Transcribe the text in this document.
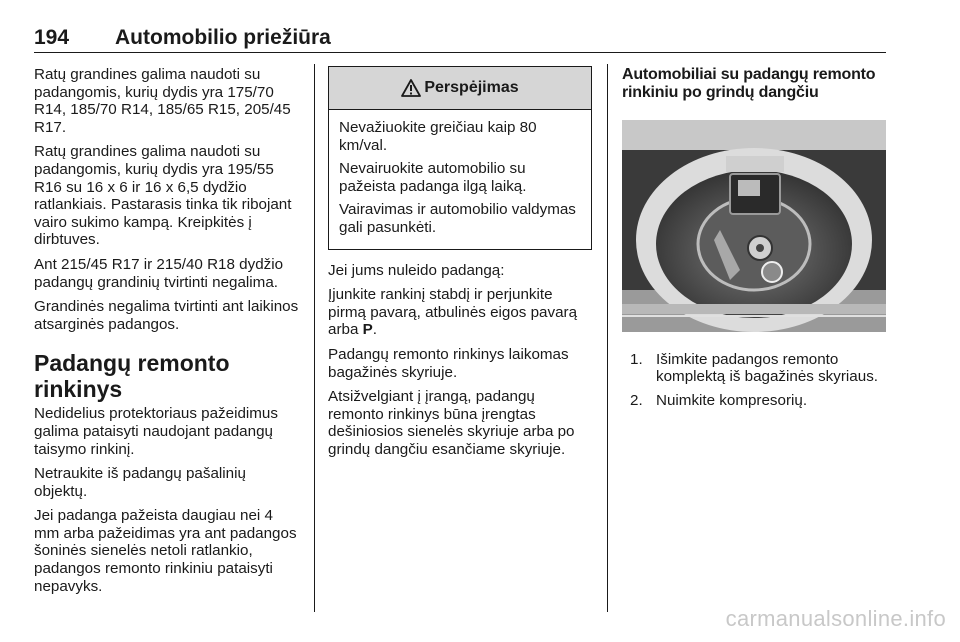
194 Automobilio priežiūra

Ratų grandines galima naudoti su padangomis, kurių dydis yra 175/70 R14, 185/70 R14, 185/65 R15, 205/45 R17.

Ratų grandines galima naudoti su padangomis, kurių dydis yra 195/55 R16 su 16 x 6 ir 16 x 6,5 dydžio ratlankiais. Pastarasis tinka tik ribojant vairo sukimo kampą. Kreipkitės į dirbtuves.

Ant 215/45 R17 ir 215/40 R18 dydžio padangų grandinių tvirtinti negalima.

Grandinės negalima tvirtinti ant laikinos atsarginės padangos.

Padangų remonto rinkinys

Nedidelius protektoriaus pažeidimus galima pataisyti naudojant padangų taisymo rinkinį.

Netraukite iš padangų pašalinių objektų.

Jei padanga pažeista daugiau nei 4 mm arba pažeidimas yra ant padangos šoninės sienelės netoli ratlankio, padangos remonto rinkiniu pataisyti nepavyks.

Perspėjimas

Nevažiuokite greičiau kaip 80 km/val.

Nevairuokite automobilio su pažeista padanga ilgą laiką.

Vairavimas ir automobilio valdymas gali pasunkėti.

Jei jums nuleido padangą:

Įjunkite rankinį stabdį ir perjunkite pirmą pavarą, atbulinės eigos pavarą arba P.

Padangų remonto rinkinys laikomas bagažinės skyriuje.

Atsižvelgiant į įrangą, padangų remonto rinkinys būna įrengtas dešiniosios sienelės skyriuje arba po grindų dangčiu esančiame skyriuje.

Automobiliai su padangų remonto rinkiniu po grindų dangčiu
1. Išimkite padangos remonto komplektą iš bagažinės skyriaus.
2. Nuimkite kompresorių.
carmanualsonline.info
